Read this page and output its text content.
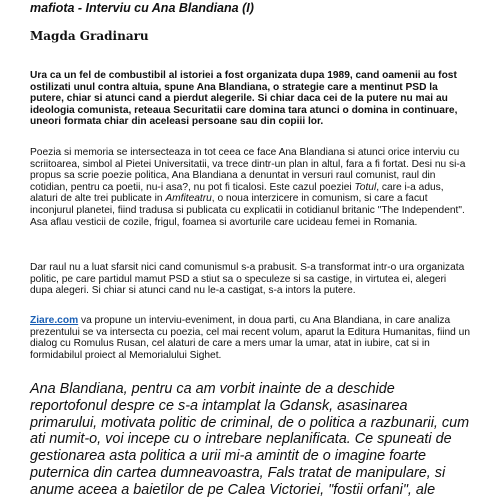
mafiota - Interviu cu Ana Blandiana (I)
Magda Gradinaru

Ura ca un fel de combustibil al istoriei a fost organizata dupa 1989, cand oamenii au fost ostilizati unul contra altuia, spune Ana Blandiana, o strategie care a mentinut PSD la putere, chiar si atunci cand a pierdut alegerile. Si chiar daca cei de la putere nu mai au ideologia comunista, reteaua Securitatii care domina tara atunci o domina in continuare, uneori formata chiar din aceleasi persoane sau din copiii lor.

Poezia si memoria se intersecteaza in tot ceea ce face Ana Blandiana si atunci orice interviu cu scriitoarea, simbol al Pietei Universitatii, va trece dintr-un plan in altul, fara a fi fortat. Desi nu si-a propus sa scrie poezie politica, Ana Blandiana a denuntat in versuri raul comunist, raul din cotidian, pentru ca poetii, nu-i asa?, nu pot fi ticalosi. Este cazul poeziei Totul, care i-a adus, alaturi de alte trei publicate in Amfiteatru, o noua interzicere in comunism, si care a facut inconjurul planetei, fiind tradusa si publicata cu explicatii in cotidianul britanic "The Independent". Asa aflau vesticii de cozile, frigul, foamea si avorturile care ucideau femei in Romania.

Dar raul nu a luat sfarsit nici cand comunismul s-a prabusit. S-a transformat intr-o ura organizata politic, pe care partidul mamut PSD a stiut sa o speculeze si sa castige, in virtutea ei, alegeri dupa alegeri. Si chiar si atunci cand nu le-a castigat, s-a intors la putere.

Ziare.com va propune un interviu-eveniment, in doua parti, cu Ana Blandiana, in care analiza prezentului se va intersecta cu poezia, cel mai recent volum, aparut la Editura Humanitas, fiind un dialog cu Romulus Rusan, cel alaturi de care a mers umar la umar, atat in iubire, cat si in formidabilul proiect al Memorialului Sighet.

Ana Blandiana, pentru ca am vorbit inainte de a deschide reportofonul despre ce s-a intamplat la Gdansk, asasinarea primarului, motivata politic de criminal, de o politica a razbunarii, cum ati numit-o, voi incepe cu o intrebare neplanificata. Ce spuneati de gestionarea asta politica a urii mi-a amintit de o imagine foarte puternica din cartea dumneavoastra, Fals tratat de manipulare, si anume aceea a baietilor de pe Calea Victoriei, "fostii orfani", ale
